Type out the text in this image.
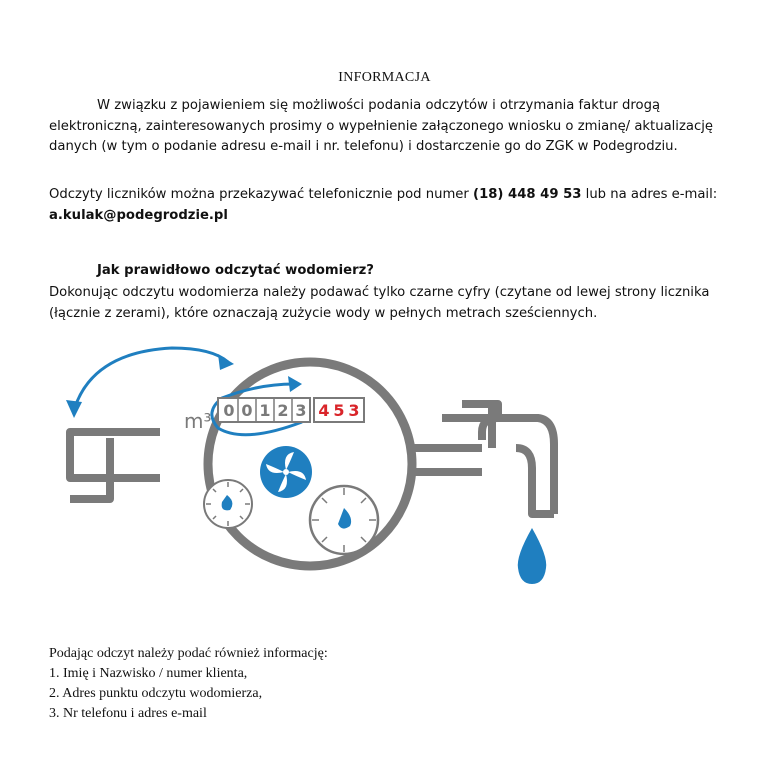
INFORMACJA
W związku z pojawieniem się możliwości podania odczytów i otrzymania faktur drogą elektroniczną, zainteresowanych prosimy o wypełnienie załączonego wniosku o zmianę/ aktualizację danych (w tym o podanie adresu e-mail i nr. telefonu) i dostarczenie go do ZGK w Podegrodziu.
Odczyty liczników można przekazywać telefonicznie pod numer (18) 448 49 53 lub na adres e-mail: a.kulak@podegrodzie.pl
Jak prawidłowo odczytać wodomierz?
Dokonując odczytu wodomierza należy podawać tylko czarne cyfry (czytane od lewej strony licznika (łącznie z zerami), które oznaczają zużycie wody w pełnych metrach sześciennych.
m³ 0 0 1 2 3 4 5 3
Podając odczyt należy podać również informację:
1. Imię i Nazwisko / numer klienta,
2. Adres punktu odczytu wodomierza,
3. Nr telefonu i adres e-mail
